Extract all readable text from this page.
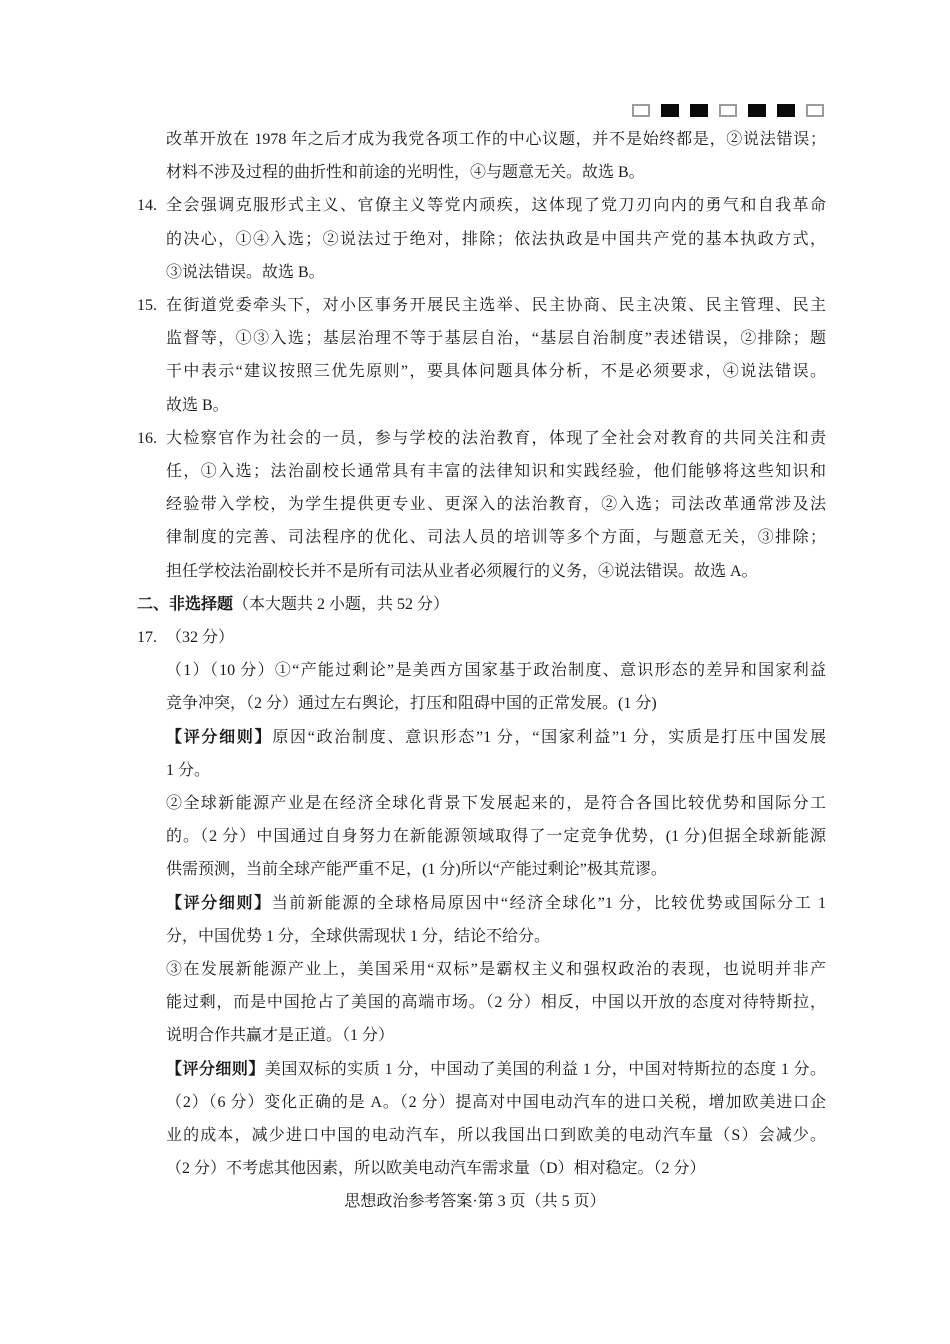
改革开放在 1978 年之后才成为我党各项工作的中心议题，并不是始终都是，②说法错误；
材料不涉及过程的曲折性和前途的光明性，④与题意无关。故选 B。
14. 全会强调克服形式主义、官僚主义等党内顽疾，这体现了党刀刃向内的勇气和自我革命
的决心，①④入选；②说法过于绝对，排除；依法执政是中国共产党的基本执政方式，
③说法错误。故选 B。
15. 在街道党委牵头下，对小区事务开展民主选举、民主协商、民主决策、民主管理、民主
监督等，①③入选；基层治理不等于基层自治，“基层自治制度”表述错误，②排除；题
干中表示“建议按照三优先原则”，要具体问题具体分析，不是必须要求，④说法错误。
故选 B。
16. 大检察官作为社会的一员，参与学校的法治教育，体现了全社会对教育的共同关注和责
任，①入选；法治副校长通常具有丰富的法律知识和实践经验，他们能够将这些知识和
经验带入学校，为学生提供更专业、更深入的法治教育，②入选；司法改革通常涉及法
律制度的完善、司法程序的优化、司法人员的培训等多个方面，与题意无关，③排除；
担任学校法治副校长并不是所有司法从业者必须履行的义务，④说法错误。故选 A。
二、非选择题（本大题共 2 小题，共 52 分）
17. （32 分）
（1）（10 分）①“产能过剩论”是美西方国家基于政治制度、意识形态的差异和国家利益
竞争冲突，（2 分）通过左右舆论，打压和阻碍中国的正常发展。(1 分)
【评分细则】原因“政治制度、意识形态”1 分，“国家利益”1 分，实质是打压中国发展
1 分。
②全球新能源产业是在经济全球化背景下发展起来的，是符合各国比较优势和国际分工
的。（2 分）中国通过自身努力在新能源领域取得了一定竞争优势，(1 分)但据全球新能源
供需预测，当前全球产能严重不足，(1 分)所以“产能过剩论”极其荒谬。
【评分细则】当前新能源的全球格局原因中“经济全球化”1 分，比较优势或国际分工 1
分，中国优势 1 分，全球供需现状 1 分，结论不给分。
③在发展新能源产业上，美国采用“双标”是霸权主义和强权政治的表现，也说明并非产
能过剩，而是中国抢占了美国的高端市场。（2 分）相反，中国以开放的态度对待特斯拉，
说明合作共赢才是正道。（1 分）
【评分细则】美国双标的实质 1 分，中国动了美国的利益 1 分，中国对特斯拉的态度 1 分。
（2）（6 分）变化正确的是 A。（2 分）提高对中国电动汽车的进口关税，增加欧美进口企
业的成本，减少进口中国的电动汽车，所以我国出口到欧美的电动汽车量（S）会减少。
（2 分）不考虑其他因素，所以欧美电动汽车需求量（D）相对稳定。（2 分）
思想政治参考答案·第 3 页（共 5 页）
